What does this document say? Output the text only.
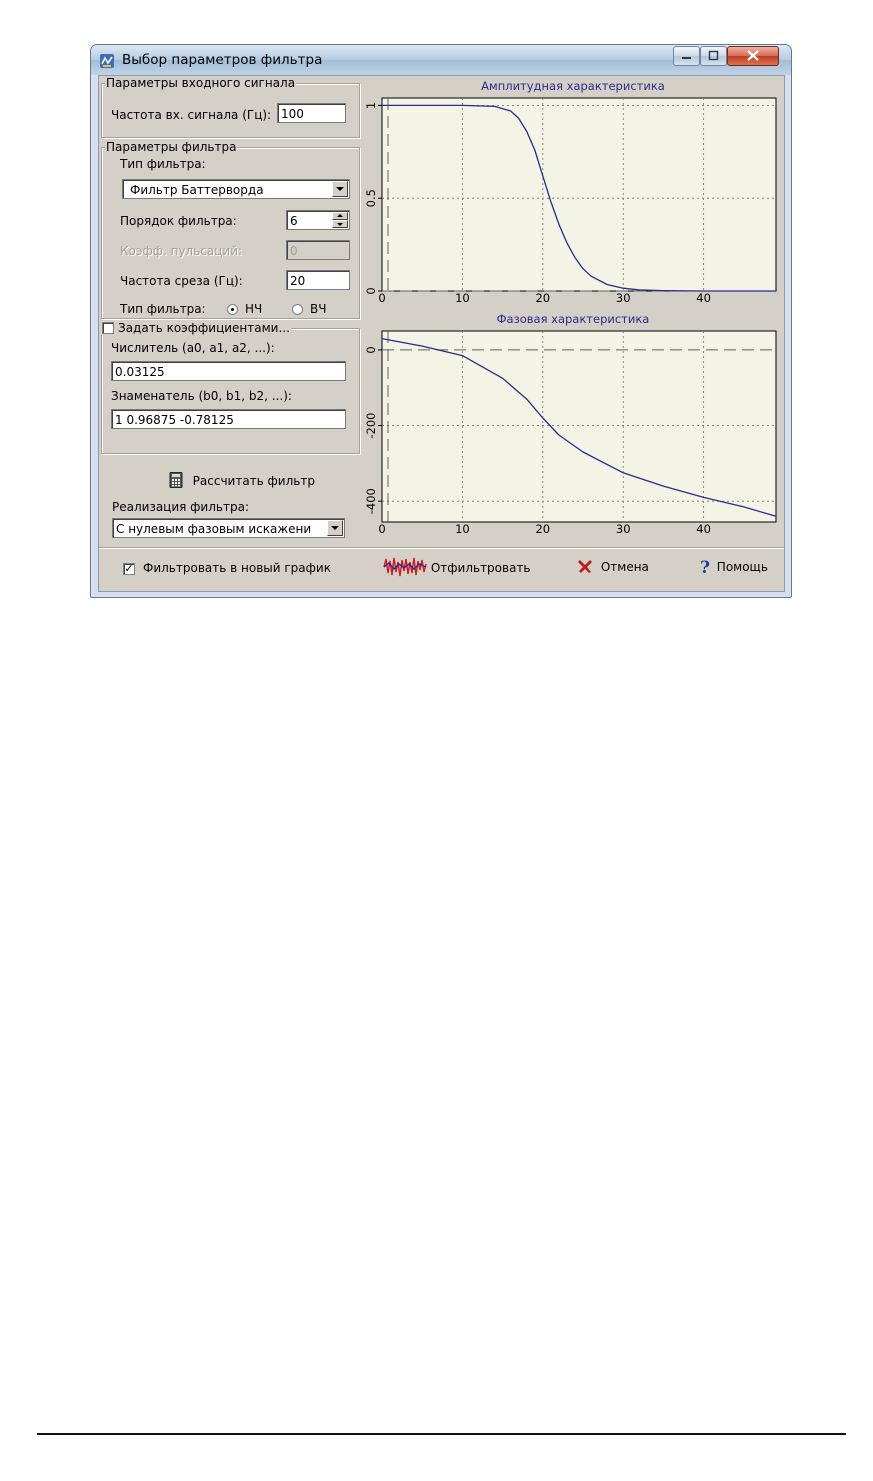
Выбор параметров фильтра
Параметры входного сигнала
Частота вх. сигнала (Гц): 100
Параметры фильтра
Тип фильтра:
Фильтр Баттерворда
Порядок фильтра:	6
Коэфф. пульсаций:	0
Частота среза (Гц):	20
Тип фильтра:	НЧ	ВЧ
Задать коэффициентами...
Числитель (a0, a1, a2, ...):
0.03125
Знаменатель (b0, b1, b2, ...):
1 0.96875 -0.78125
Рассчитать фильтр
Реализация фильтра:
С нулевым фазовым искажени
Амплитудная характеристика
0	10	20	30	40
0
0.5
1
Фазовая характеристика
0	10	20	30	40
0
-200
-400
✓ Фильтровать в новый график	Отфильтровать	Отмена	? Помощь
